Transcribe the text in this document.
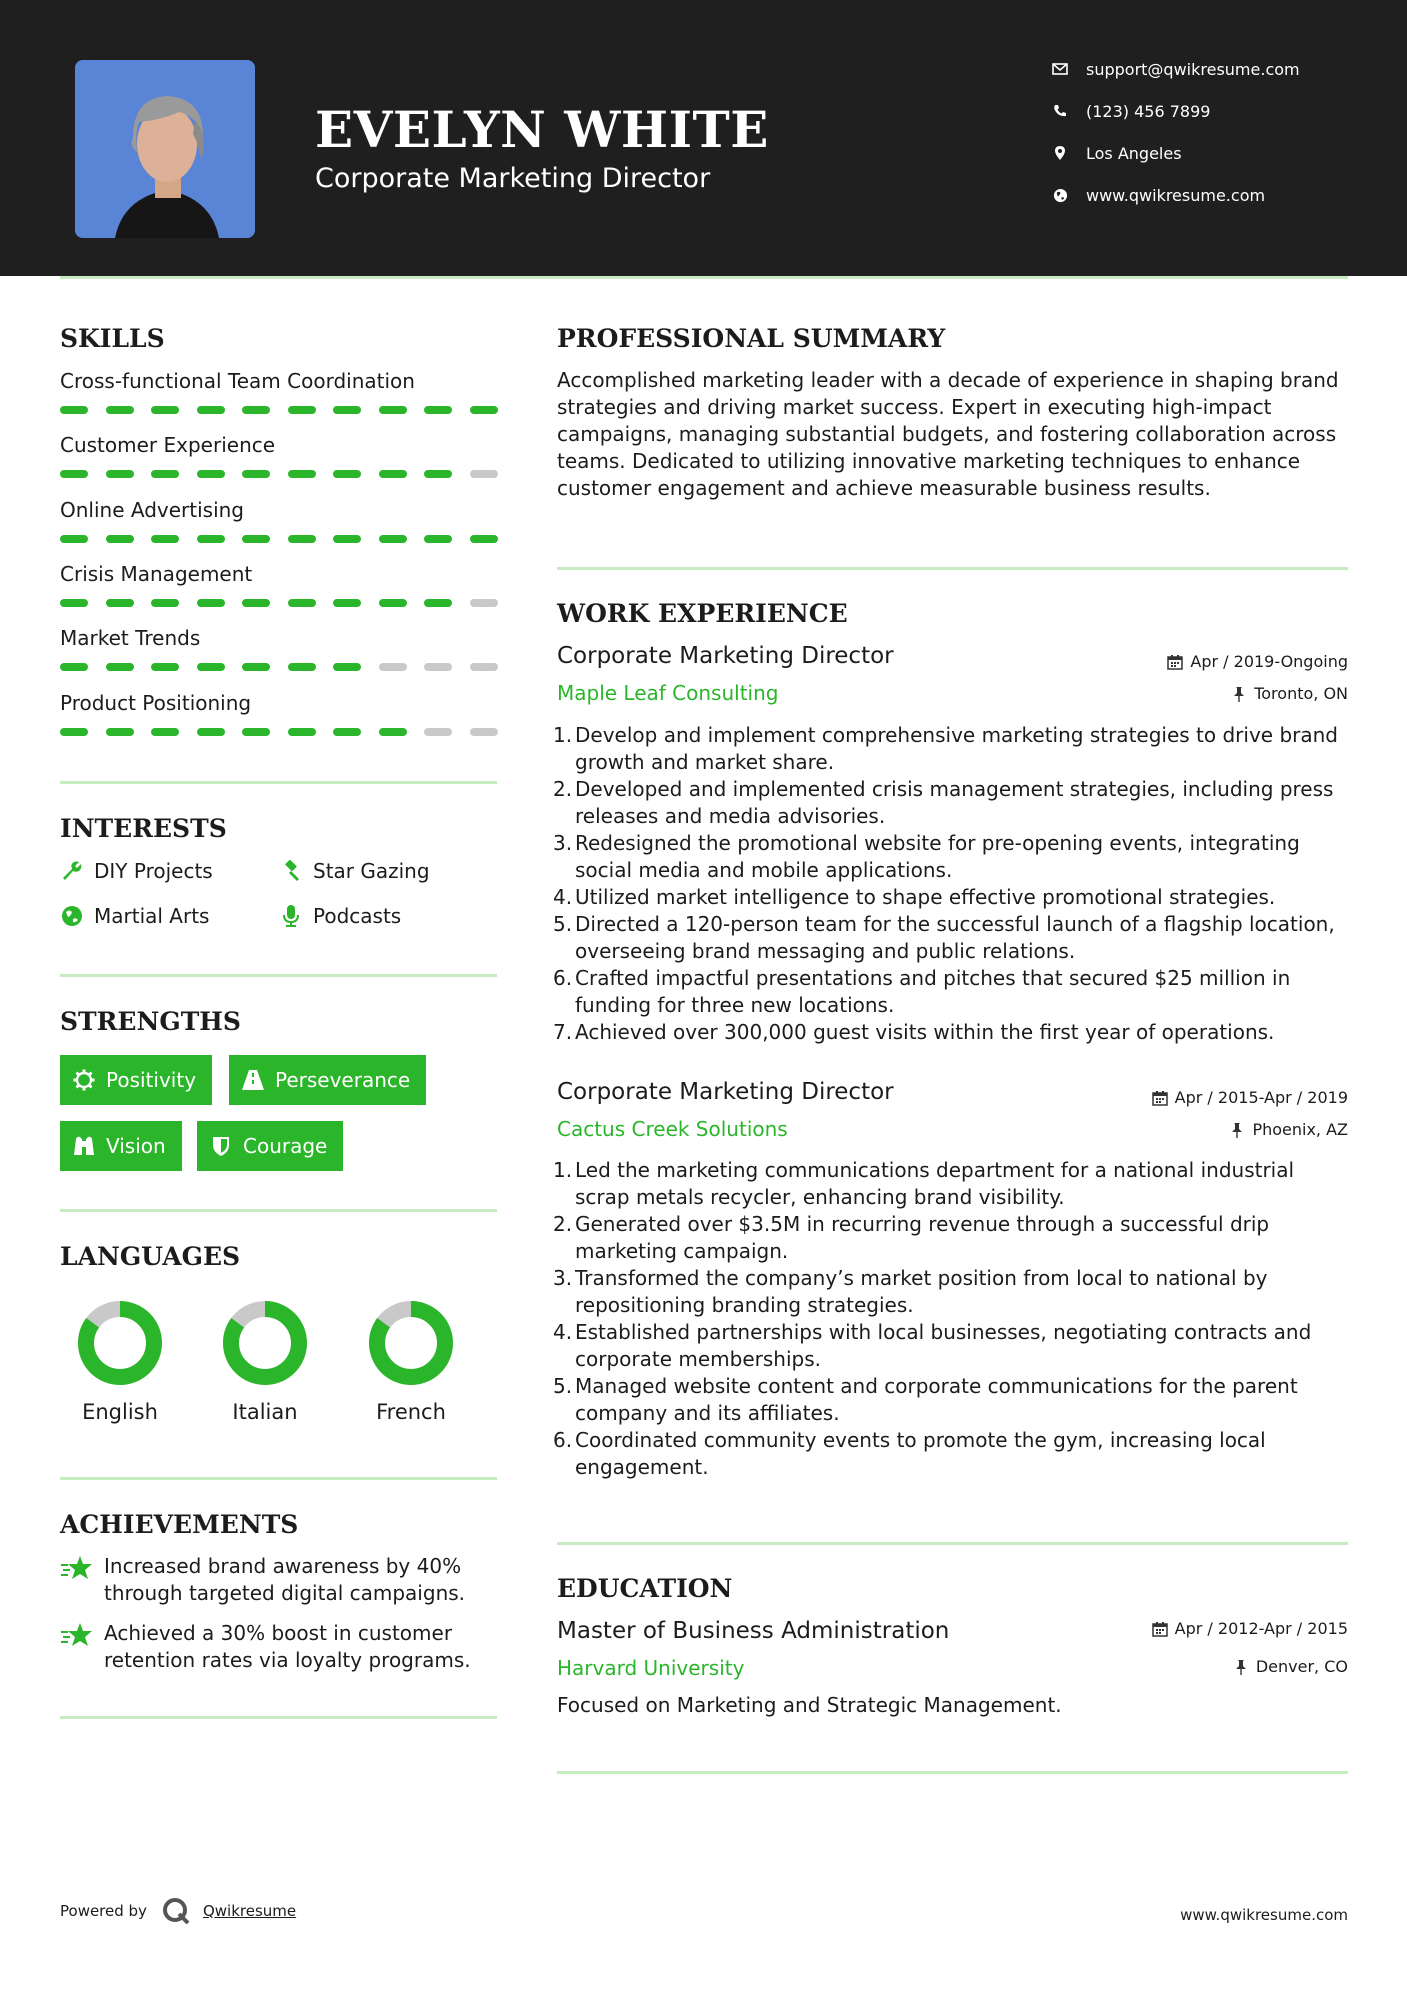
EVELYN WHITE
Corporate Marketing Director
support@qwikresume.com
(123) 456 7899
Los Angeles
www.qwikresume.com
SKILLS
Cross-functional Team Coordination
Customer Experience
Online Advertising
Crisis Management
Market Trends
Product Positioning
INTERESTS
DIY Projects	Star Gazing
Martial Arts	Podcasts
STRENGTHS
Positivity	Perseverance
Vision	Courage
LANGUAGES
English	Italian	French
ACHIEVEMENTS
Increased brand awareness by 40% through targeted digital campaigns.
Achieved a 30% boost in customer retention rates via loyalty programs.
PROFESSIONAL SUMMARY
Accomplished marketing leader with a decade of experience in shaping brand strategies and driving market success. Expert in executing high-impact campaigns, managing substantial budgets, and fostering collaboration across teams. Dedicated to utilizing innovative marketing techniques to enhance customer engagement and achieve measurable business results.
WORK EXPERIENCE
Corporate Marketing Director	Apr / 2019-Ongoing
Maple Leaf Consulting	Toronto, ON
1. Develop and implement comprehensive marketing strategies to drive brand growth and market share.
2. Developed and implemented crisis management strategies, including press releases and media advisories.
3. Redesigned the promotional website for pre-opening events, integrating social media and mobile applications.
4. Utilized market intelligence to shape effective promotional strategies.
5. Directed a 120-person team for the successful launch of a flagship location, overseeing brand messaging and public relations.
6. Crafted impactful presentations and pitches that secured $25 million in funding for three new locations.
7. Achieved over 300,000 guest visits within the first year of operations.
Corporate Marketing Director	Apr / 2015-Apr / 2019
Cactus Creek Solutions	Phoenix, AZ
1. Led the marketing communications department for a national industrial scrap metals recycler, enhancing brand visibility.
2. Generated over $3.5M in recurring revenue through a successful drip marketing campaign.
3. Transformed the company’s market position from local to national by repositioning branding strategies.
4. Established partnerships with local businesses, negotiating contracts and corporate memberships.
5. Managed website content and corporate communications for the parent company and its affiliates.
6. Coordinated community events to promote the gym, increasing local engagement.
EDUCATION
Master of Business Administration	Apr / 2012-Apr / 2015
Harvard University	Denver, CO
Focused on Marketing and Strategic Management.
Powered by	Qwikresume	www.qwikresume.com
